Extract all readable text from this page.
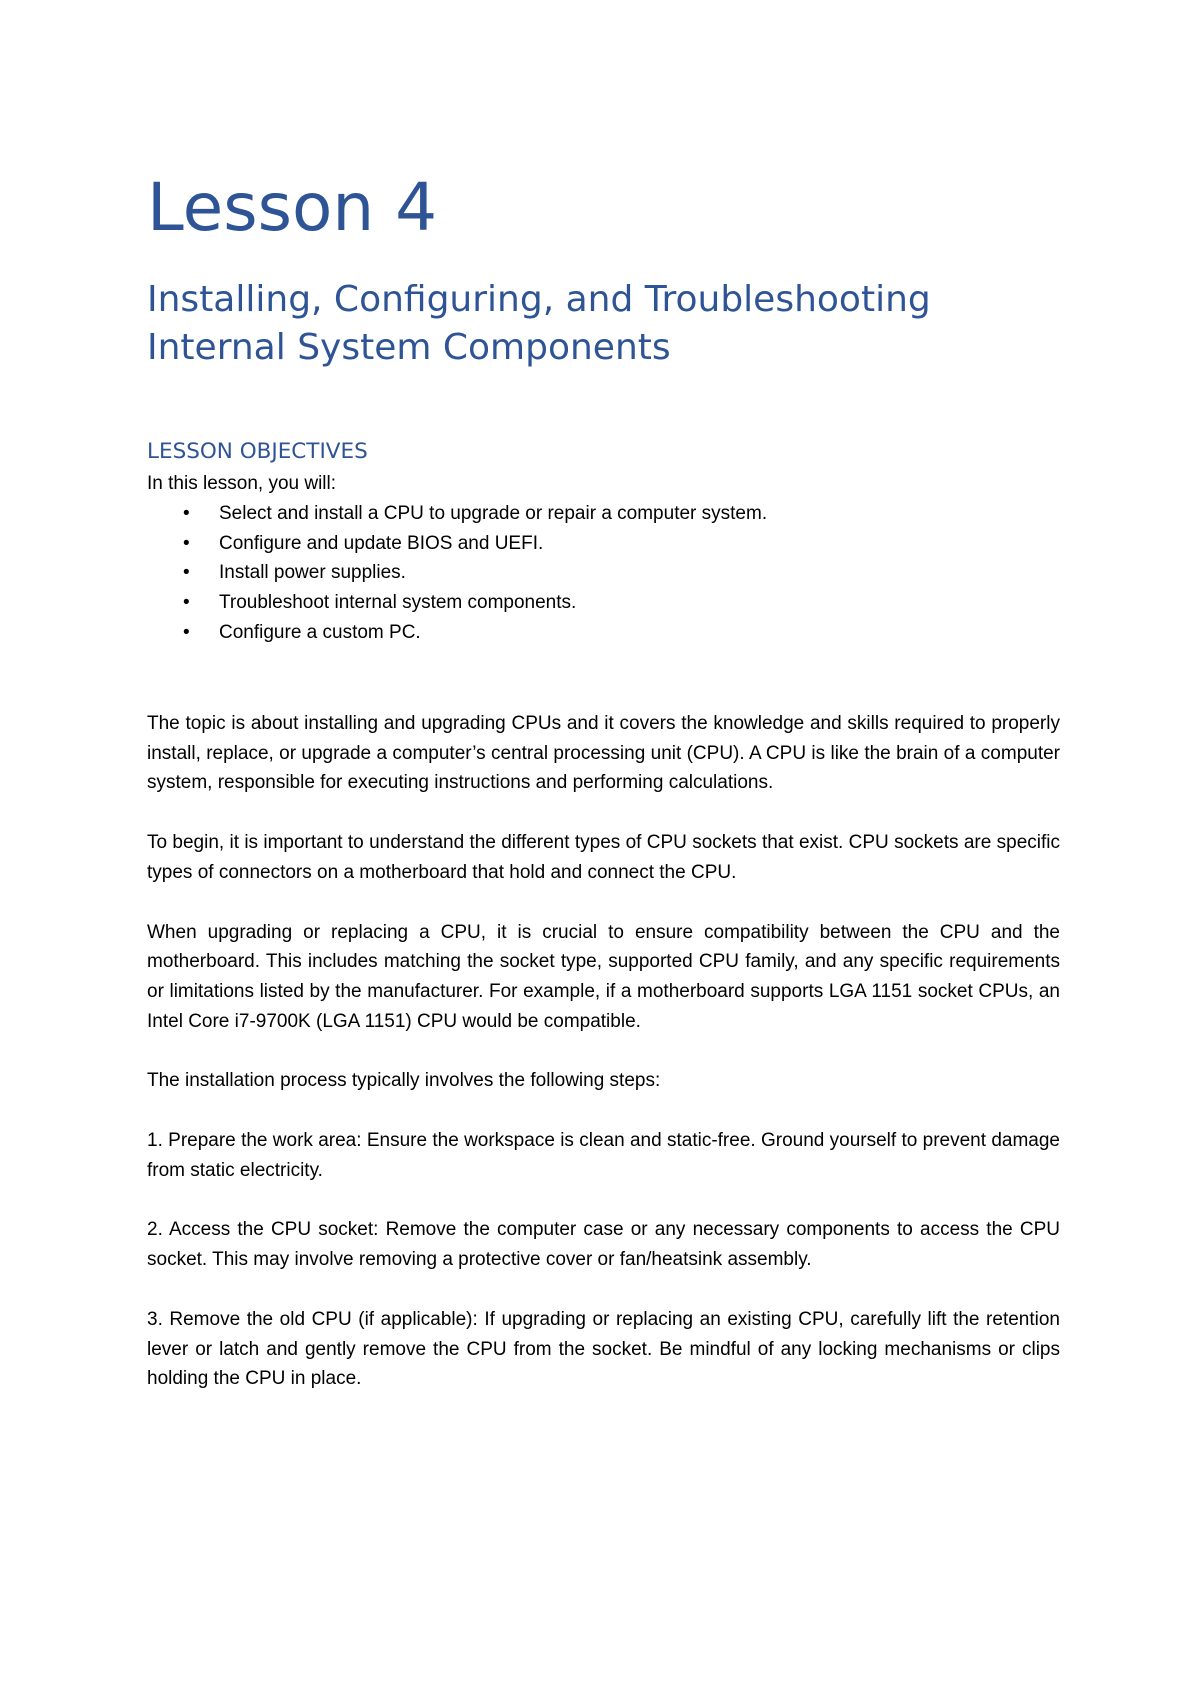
Lesson 4
Installing, Configuring, and Troubleshooting Internal System Components
LESSON OBJECTIVES

In this lesson, you will:

• Select and install a CPU to upgrade or repair a computer system.
• Configure and update BIOS and UEFI.
• Install power supplies.
• Troubleshoot internal system components.
• Configure a custom PC.

The topic is about installing and upgrading CPUs and it covers the knowledge and skills required to properly install, replace, or upgrade a computer’s central processing unit (CPU). A CPU is like the brain of a computer system, responsible for executing instructions and performing calculations.

To begin, it is important to understand the different types of CPU sockets that exist. CPU sockets are specific types of connectors on a motherboard that hold and connect the CPU.

When upgrading or replacing a CPU, it is crucial to ensure compatibility between the CPU and the motherboard. This includes matching the socket type, supported CPU family, and any specific requirements or limitations listed by the manufacturer. For example, if a motherboard supports LGA 1151 socket CPUs, an Intel Core i7-9700K (LGA 1151) CPU would be compatible.

The installation process typically involves the following steps:

1. Prepare the work area: Ensure the workspace is clean and static-free. Ground yourself to prevent damage from static electricity.

2. Access the CPU socket: Remove the computer case or any necessary components to access the CPU socket. This may involve removing a protective cover or fan/heatsink assembly.

3. Remove the old CPU (if applicable): If upgrading or replacing an existing CPU, carefully lift the retention lever or latch and gently remove the CPU from the socket. Be mindful of any locking mechanisms or clips holding the CPU in place.
